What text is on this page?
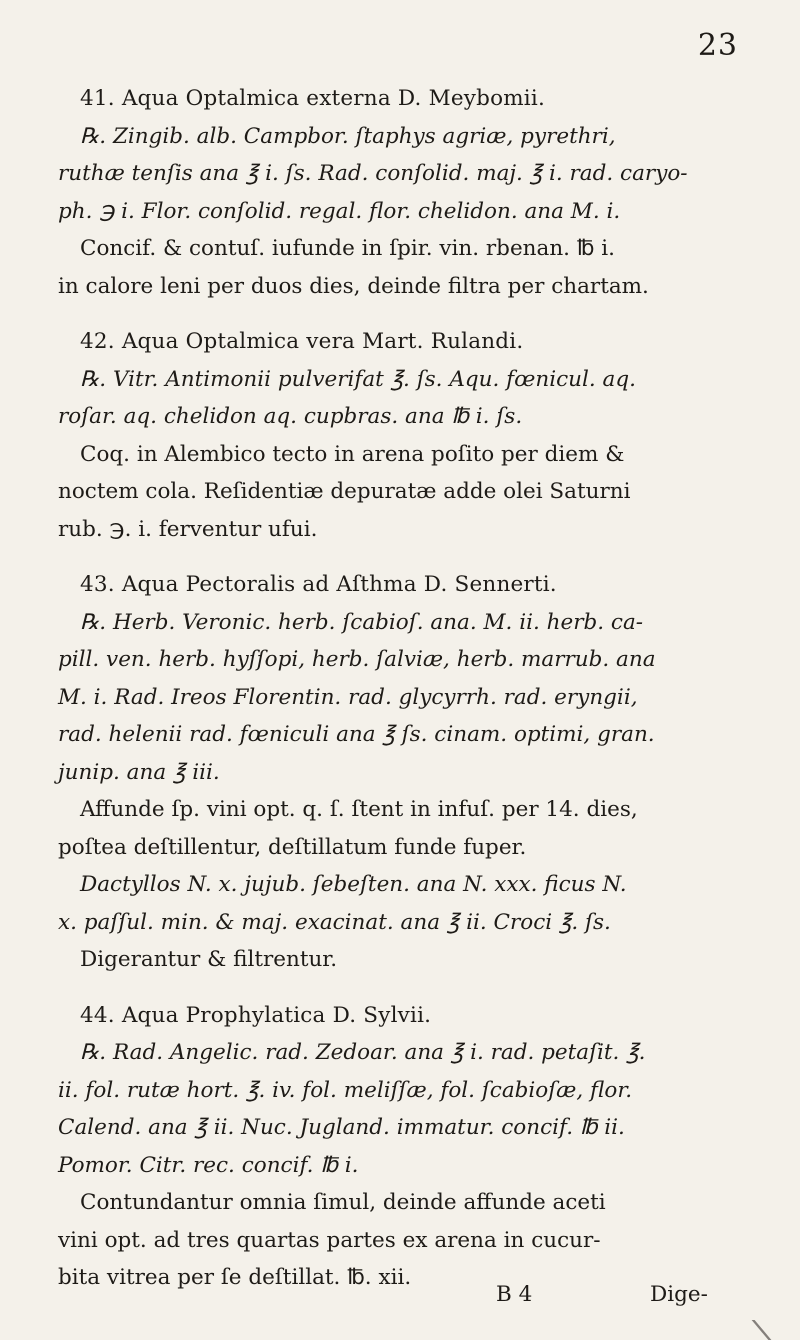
23
41. Aqua Optalmica externa D. Meybomii.
℞. Zingib. alb. Campbor. ſtaphys agriæ, pyrethri,
ruthæ tenſis ana ℥ i. ſs. Rad. conſolid. maj. ℥ i. rad. caryo-
ph. ℈ i. Flor. conſolid. regal. flor. chelidon. ana M. i.
Concif. & contuſ. iufunde in ſpir. vin. rbenan. ℔ i.
in calore leni per duos dies, deinde filtra per chartam.
42. Aqua Optalmica vera Mart. Rulandi.
℞. Vitr. Antimonii pulverifat ℥. ſs. Aqu. fœnicul. aq.
roſar. aq. chelidon aq. cupbras. ana ℔ i. ſs.
Coq. in Alembico tecto in arena poſito per diem &
noctem cola. Reſidentiæ depuratæ adde olei Saturni
rub. ℈. i. ferventur ufui.
43. Aqua Pectoralis ad Aſthma D. Sennerti.
℞. Herb. Veronic. herb. ſcabioſ. ana. M. ii. herb. ca-
pill. ven. herb. hyſſopi, herb. ſalviæ, herb. marrub. ana
M. i. Rad. Ireos Florentin. rad. glycyrrh. rad. eryngii,
rad. helenii rad. fœniculi ana ℥ ſs. cinam. optimi, gran.
junip. ana ℥ iii.
Affunde ſp. vini opt. q. ſ. ſtent in infuſ. per 14. dies,
poſtea deſtillentur, deſtillatum funde fuper.
Dactyllos N. x. jujub. ſebeſten. ana N. xxx. ficus N.
x. paſſul. min. & maj. exacinat. ana ℥ ii. Croci ℥. ſs.
Digerantur & filtrentur.
44. Aqua Prophylatica D. Sylvii.
℞. Rad. Angelic. rad. Zedoar. ana ℥ i. rad. petaſit. ℥.
ii. fol. rutæ hort. ℥. iv. fol. meliſſæ, fol. ſcabioſæ, flor.
Calend. ana ℥ ii. Nuc. Jugland. immatur. concif. ℔ ii.
Pomor. Citr. rec. concif. ℔ i.
Contundantur omnia ſimul, deinde affunde aceti
vini opt. ad tres quartas partes ex arena in cucur-
bita vitrea per ſe deſtillat. ℔. xii.
B 4	Dige-
